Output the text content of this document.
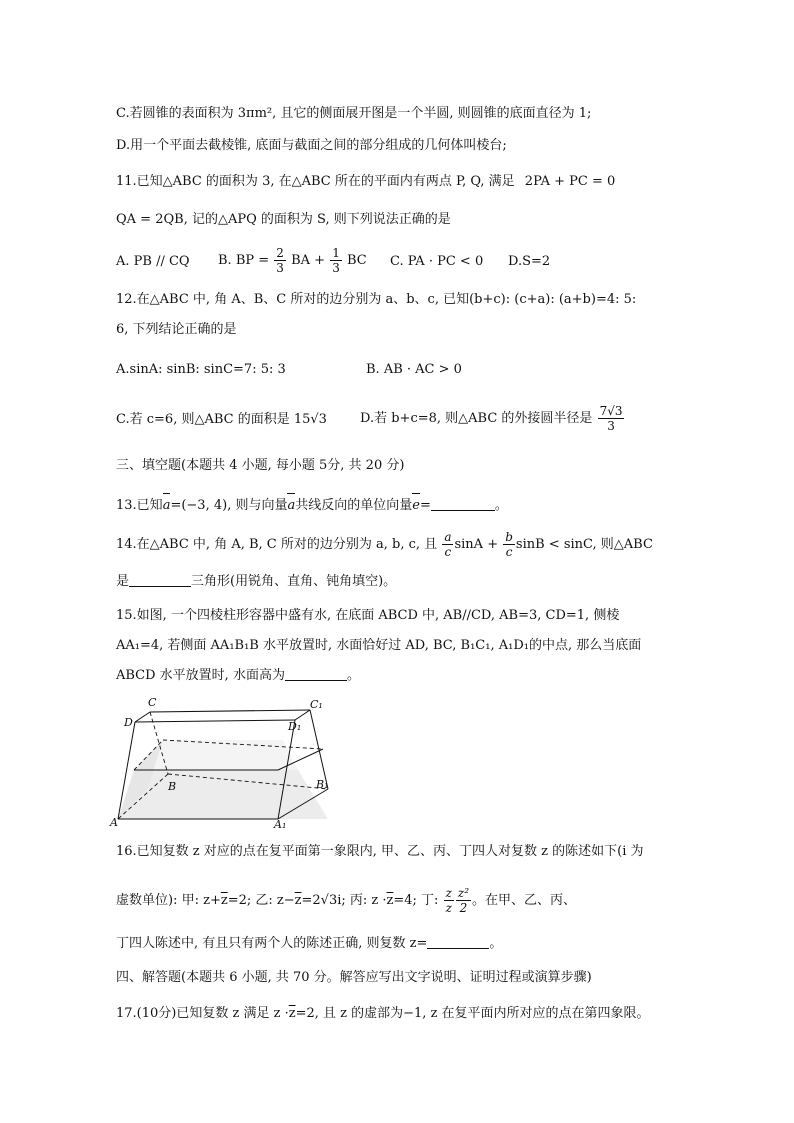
C.若圆锥的表面积为 3πm², 且它的侧面展开图是一个半圆, 则圆锥的底面直径为 1;
D.用一个平面去截棱锥, 底面与截面之间的部分组成的几何体叫棱台;
11.已知△ABC 的面积为 3, 在△ABC 所在的平面内有两点 P, Q, 满足 2PA + PC = 0
QA = 2QB, 记的△APQ 的面积为 S, 则下列说法正确的是
A. PB // CQ B. BP = $\frac{2}{3}$ BA + $\frac{1}{3}$ BC C. PA · PC < 0 D.S=2
12.在△ABC 中, 角 A、B、C 所对的边分别为 a、b、c, 已知(b+c): (c+a): (a+b)=4: 5:
6, 下列结论正确的是
A.sinA: sinB: sinC=7: 5: 3	B. AB · AC > 0
C.若 c=6, 则△ABC 的面积是 15√3	D.若 b+c=8, 则△ABC 的外接圆半径是 $\frac{7√3}{3}$
三、填空题(本题共 4 小题, 每小题 5分, 共 20 分)
13.已知a=(−3, 4), 则与向量a共线反向的单位向量e=	。
14.在△ABC 中, 角 A, B, C 所对的边分别为 a, b, c, 且 $\frac{a}{c}$ $\sin A + \frac{b}{c}$ sinB < sinC, 则△ABC
是	三角形(用锐角、直角、钝角填空)。
15.如图, 一个四棱柱形容器中盛有水, 在底面 ABCD 中, AB//CD, AB=3, CD=1, 侧棱
AA₁=4, 若侧面 AA₁B₁B 水平放置时, 水面恰好过 AD, BC, B₁C₁, A₁D₁的中点, 那么当底面
ABCD 水平放置时, 水面高为	。
C	C₁
D	D₁
B	B₁
A	A₁
16.已知复数 z 对应的点在复平面第一象限内, 甲、乙、丙、丁四人对复数 z 的陈述如下(i 为
虚数单位): 甲: $z+\overline{z}=2$; 乙: $z-\overline{z}=2√3i$; 丙: $z \cdot\overline{z}=4$; 丁: $\frac{z}{z} \frac{\text{z²}}{2}$ 。在甲、乙、丙、
丁四人陈述中, 有且只有两个人的陈述正确, 则复数 z=	。
四、解答题(本题共 6 小题, 共 70 分。解答应写出文字说明、证明过程或演算步骤)
17.(10分)已知复数 z 满足 $z \cdot\overline{z}=2$, 且 z 的虚部为−1, z 在复平面内所对应的点在第四象限。
